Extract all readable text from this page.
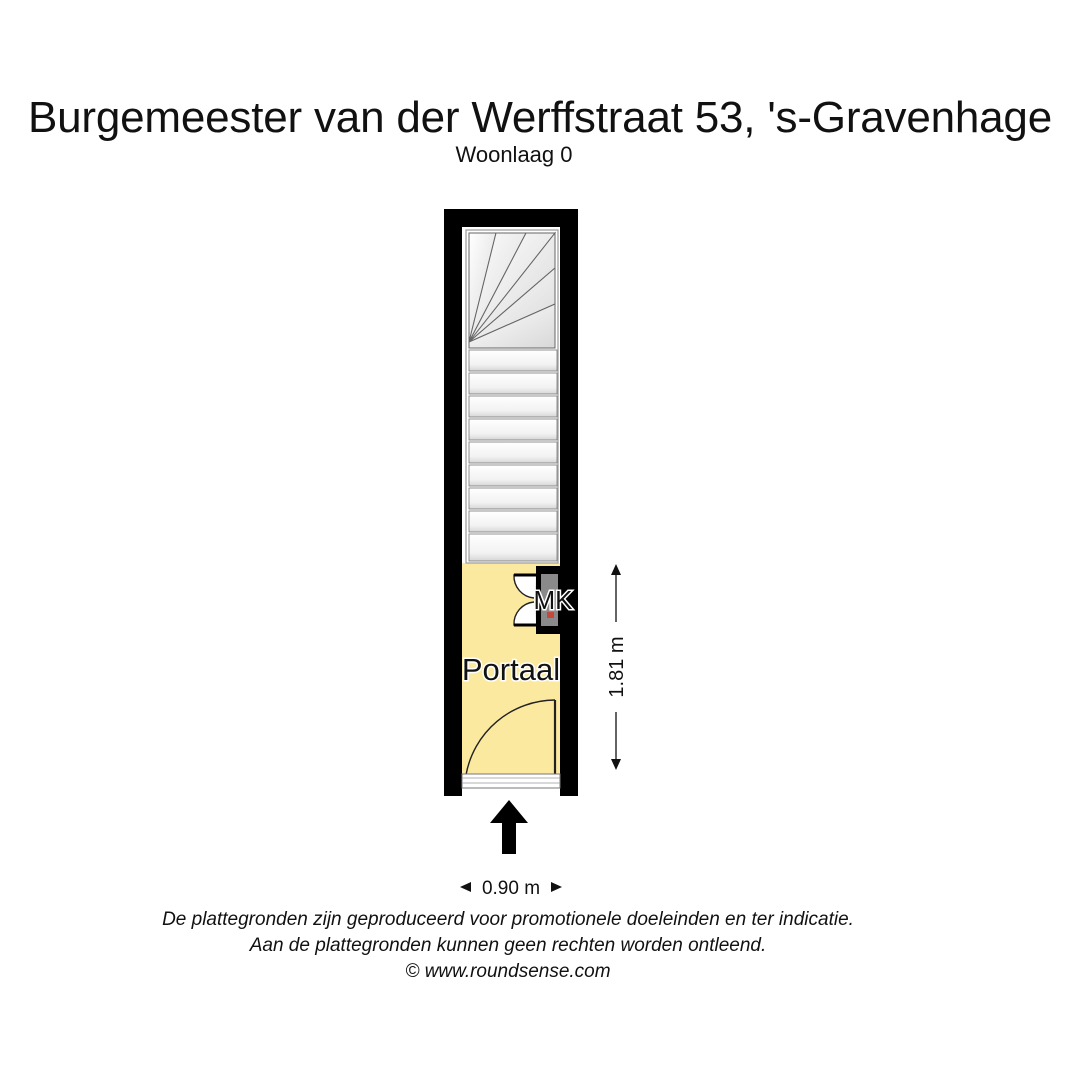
Burgemeester van der Werffstraat 53, 's-Gravenhage
Woonlaag 0
MK
Portaal 1.81 m
0.90 m
De plattegronden zijn geproduceerd voor promotionele doeleinden en ter indicatie.
Aan de plattegronden kunnen geen rechten worden ontleend.
© www.roundsense.com
